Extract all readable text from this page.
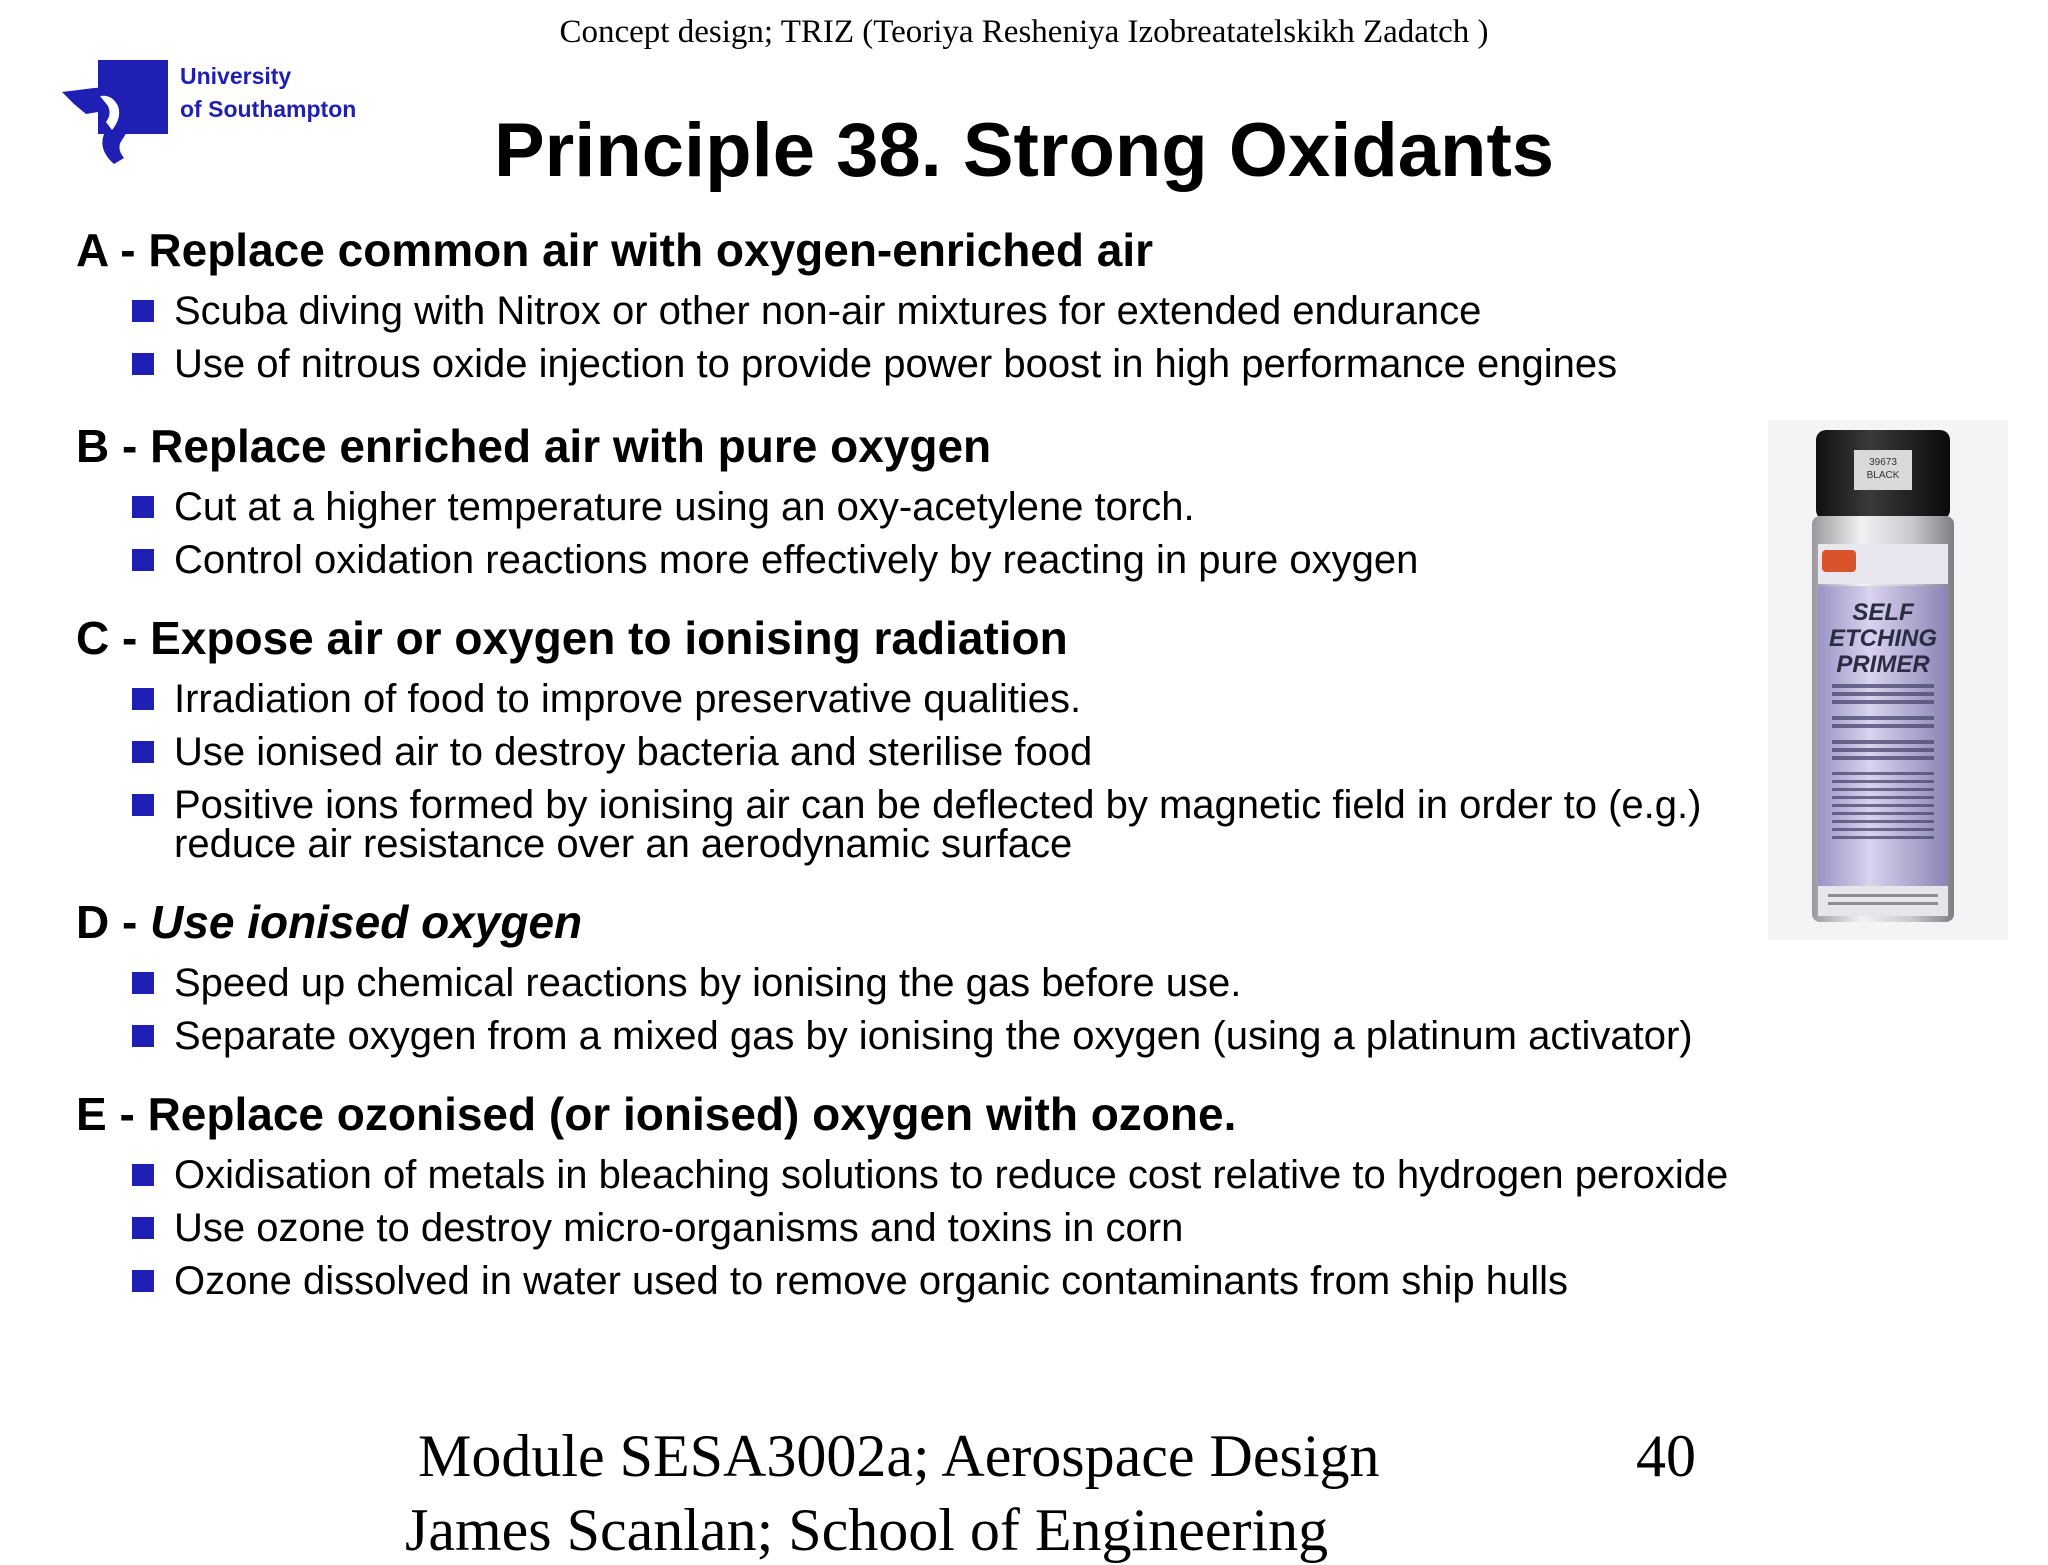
Concept design; TRIZ (Teoriya Resheniya Izobreatatelskikh Zadatch )
University
of Southampton	Principle 38. Strong Oxidants

A - Replace common air with oxygen-enriched air

Scuba diving with Nitrox or other non-air mixtures for extended endurance
Use of nitrous oxide injection to provide power boost in high performance engines

B - Replace enriched air with pure oxygen

Cut at a higher temperature using an oxy-acetylene torch.
Control oxidation reactions more effectively by reacting in pure oxygen

C - Expose air or oxygen to ionising radiation

Irradiation of food to improve preservative qualities.
Use ionised air to destroy bacteria and sterilise food
Positive ions formed by ionising air can be deflected by magnetic field in order to (e.g.) reduce air resistance over an aerodynamic surface

D - Use ionised oxygen

Speed up chemical reactions by ionising the gas before use.
Separate oxygen from a mixed gas by ionising the oxygen (using a platinum activator)

E - Replace ozonised (or ionised) oxygen with ozone.

Oxidisation of metals in bleaching solutions to reduce cost relative to hydrogen peroxide
Use ozone to destroy micro-organisms and toxins in corn
Ozone dissolved in water used to remove organic contaminants from ship hulls
39673
BLACK
SELF
ETCHING
PRIMER
Module SESA3002a; Aerospace Design	40
James Scanlan; School of Engineering
